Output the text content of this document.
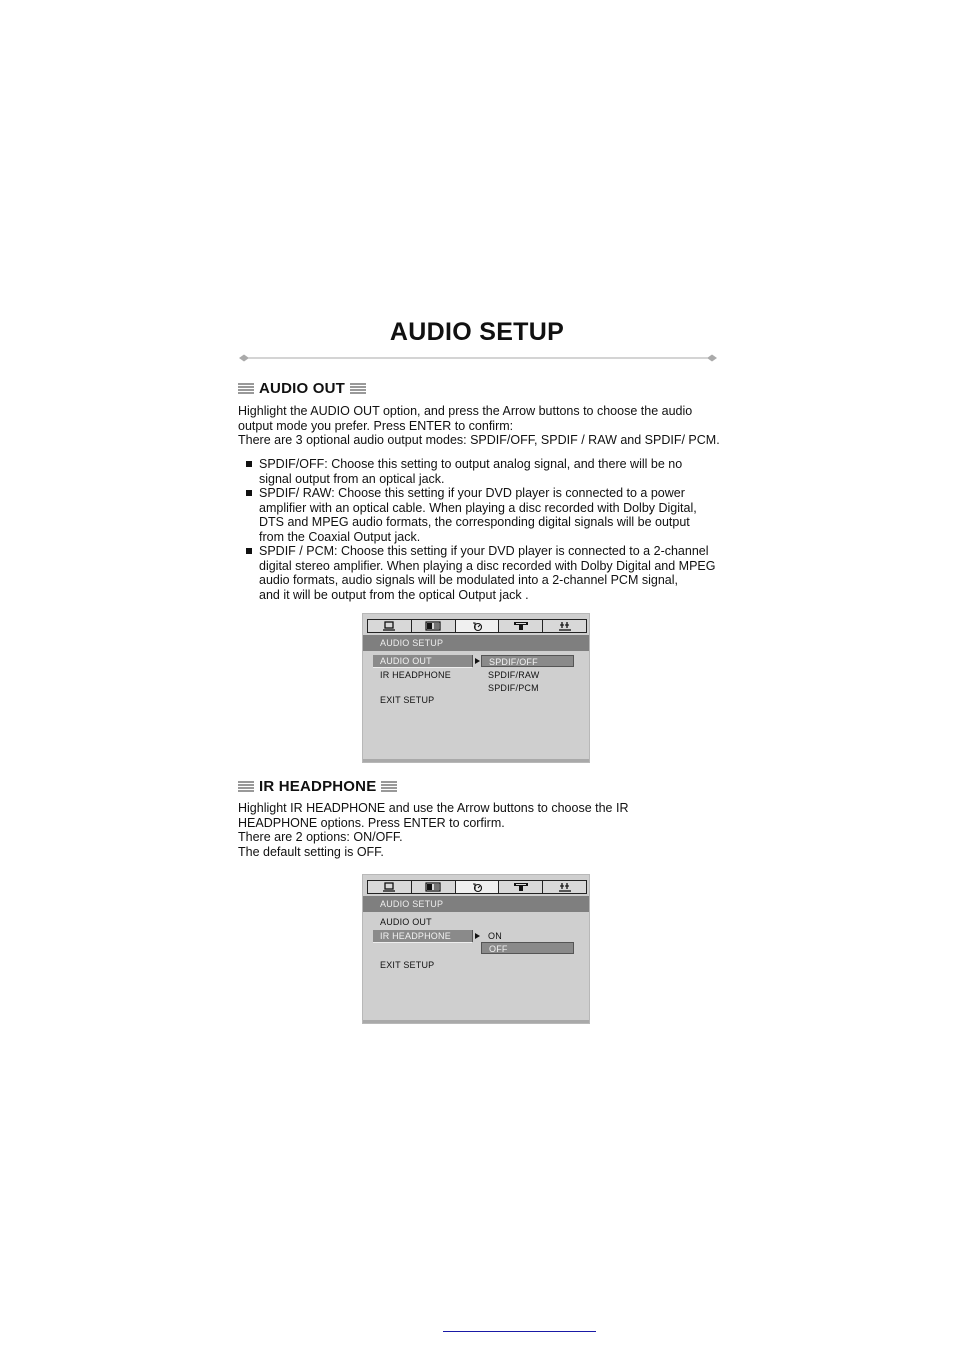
AUDIO SETUP
AUDIO OUT

Highlight the AUDIO OUT option, and press the Arrow buttons to choose the audio

output mode you prefer. Press ENTER to confirm:

There are 3 optional audio output modes: SPDIF/OFF, SPDIF / RAW and SPDIF/ PCM.

SPDIF/OFF: Choose this setting to output analog signal, and there will be no
signal output from an optical jack.
SPDIF/ RAW: Choose this setting if your DVD player is connected to a power
amplifier with an optical cable. When playing a disc recorded with Dolby Digital,
DTS and MPEG audio formats, the corresponding digital signals will be output
from the Coaxial Output jack.
SPDIF / PCM: Choose this setting if your DVD player is connected to a 2-channel
digital stereo amplifier. When playing a disc recorded with Dolby Digital and MPEG
audio formats, audio signals will be modulated into a 2-channel PCM signal,
and it will be output from the optical Output jack .
AUDIO SETUP
AUDIO OUT	SPDIF/OFF
IR HEADPHONE	SPDIF/RAW
SPDIF/PCM
EXIT SETUP
IR HEADPHONE

Highlight IR HEADPHONE and use the Arrow buttons to choose the IR

HEADPHONE options. Press ENTER to corfirm.

There are 2 options: ON/OFF.

The default setting is OFF.

AUDIO SETUP
AUDIO OUT
IR HEADPHONE	ON
OFF
EXIT SETUP
